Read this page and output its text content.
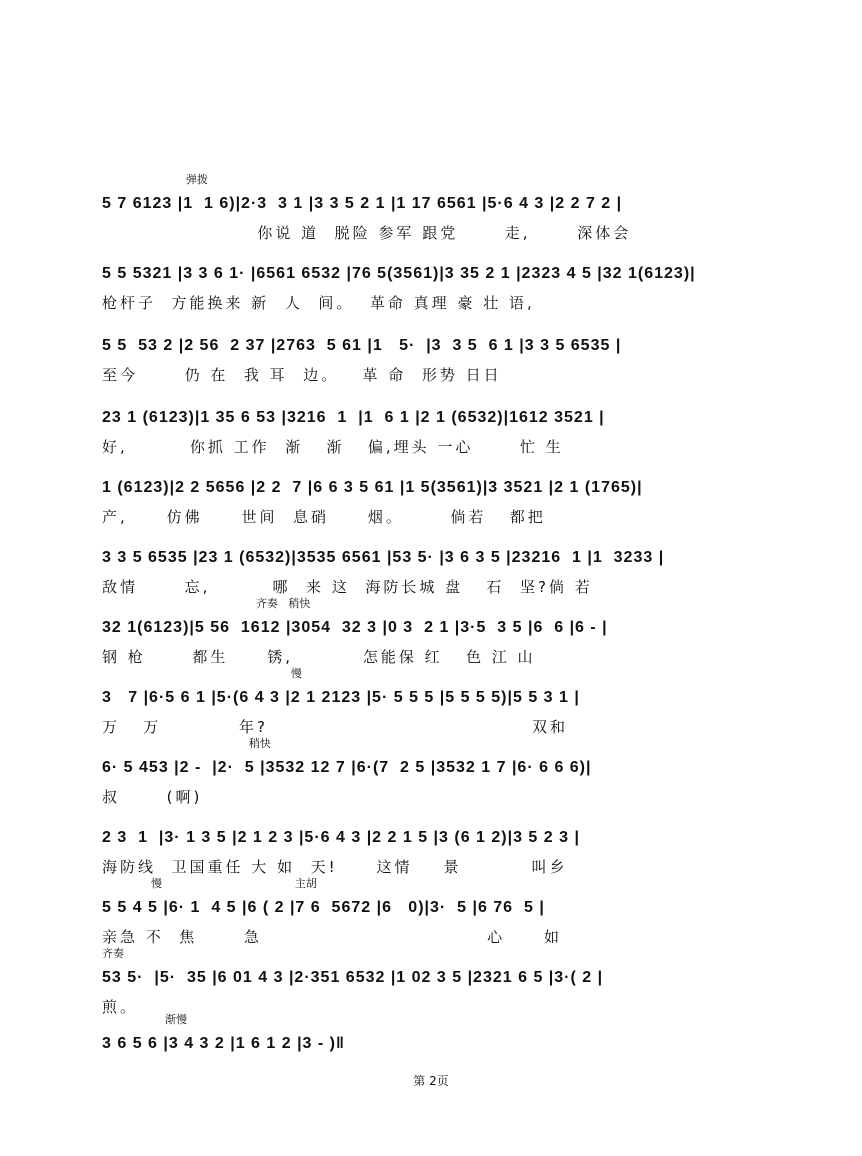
弹拨
5 7 6123 |1  1 6)|2·3  3 1 |3 3 5 2 1 |1 17 6561 |5·6 4 3 |2 2 7 2 |
你说 道  脱险 参军 跟党      走,      深体会
5 5 5321 |3 3 6 1· |6561 6532 |76 5(3561)|3 35 2 1 |2323 4 5 |32 1(6123)|
枪杆子  方能换来 新  人  间。  革命 真理 豪 壮 语,
5 5  53 2 |2 56  2 37 |2763  5 61 |1   5·  |3  3 5  6 1 |3 3 5 6535 |
至今      仍 在  我 耳  边。   革 命  形势 日日
23 1 (6123)|1 35 6 53 |3216  1  |1  6 1 |2 1 (6532)|1612 3521 |
好,        你抓 工作  渐   渐   偏,埋头 一心      忙 生
1 (6123)|2 2 5656 |2 2  7 |6 6 3 5 61 |1 5(3561)|3 3521 |2 1 (1765)|
产,     仿佛     世间  息硝     烟。      倘若   都把
3 3 5 6535 |23 1 (6532)|3535 6561 |53 5· |3 6 3 5 |23216  1 |1  3233 |
敌情      忘,        哪  来 这  海防长城 盘   石  坚?倘 若
齐奏   稍快
32 1(6123)|5 56  1612 |3054  32 3 |0 3  2 1 |3·5  3 5 |6  6 |6 - |
钢 枪      都生     锈,         怎能保 红   色 江 山
慢
3   7 |6·5 6 1 |5·(6 4 3 |2 1 2123 |5· 5 5 5 |5 5 5 5)|5 5 3 1 |
万   万          年?                                  双和
稍快
6· 5 453 |2 -  |2·  5 |3532 12 7 |6·(7  2 5 |3532 1 7 |6· 6 6 6)|
叔      (啊)
2 3  1  |3· 1 3 5 |2 1 2 3 |5·6 4 3 |2 2 1 5 |3 (6 1 2)|3 5 2 3 |
海防线  卫国重任 大 如  天!     这情    景         叫乡
慢                                      主胡
5 5 4 5 |6· 1  4 5 |6 ( 2 |7 6  5672 |6   0)|3·  5 |6 76  5 |
亲急 不  焦      急                             心     如
齐奏
53 5·  |5·  35 |6 01 4 3 |2·351 6532 |1 02 3 5 |2321 6 5 |3·( 2 |
煎。
渐慢
3 6 5 6 |3 4 3 2 |1 6 1 2 |3 - )‖
第 2页
